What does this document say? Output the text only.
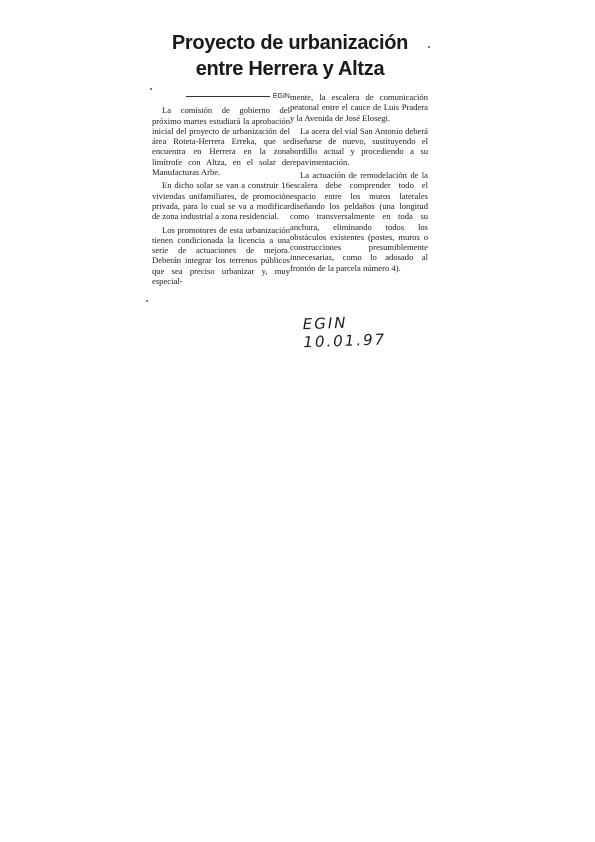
Proyecto de urbanización
entre Herrera y Altza
EGIN

La comisión de gobierno del próximo martes estudiará la aprobación inicial del proyecto de urbanización del área Roteta-Herrera Erreka, que se encuentra en Herrera en la zona limítrofe con Altza, en el solar de Manufacturas Arbe.

En dicho solar se van a construir 16 viviendas unifamiliares, de promoción privada, para lo cual se va a modificar de zona industrial a zona residencial.

Los promotores de esta urbanización tienen condicionada la licencia a una serie de actuaciones de mejora. Deberán integrar los terrenos públicos que sea preciso urbanizar y, muy especial-

mente, la escalera de comunicación peatonal entre el cauce de Luis Pradera y la Avenida de José Elosegi.

La acera del vial San Antonio deberá diseñarse de nuevo, sustituyendo el bordillo actual y procediendo a su repavimentación.

La actuación de remodelación de la escalera debe comprender todo el espacio entre los muros laterales diseñando los peldaños (una longitud como transversalmente en toda su anchura, eliminando todos los obstáculos existentes (postes, muros o construcciones presumiblemente innecesarias, como lo adosado al frontón de la parcela número 4).

EGIN 10.01.97
